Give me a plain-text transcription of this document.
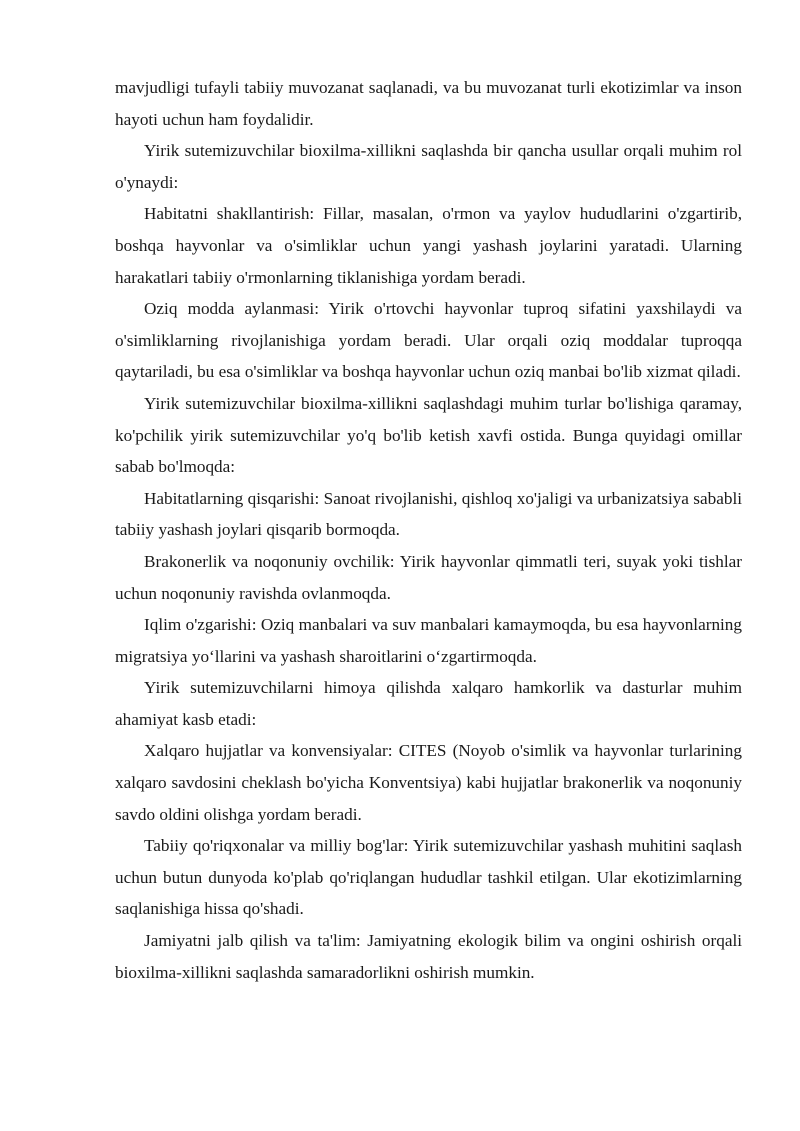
mavjudligi tufayli tabiiy muvozanat saqlanadi, va bu muvozanat turli ekotizimlar va inson hayoti uchun ham foydalidir.

Yirik sutemizuvchilar bioxilma-xillikni saqlashda bir qancha usullar orqali muhim rol o'ynaydi:

Habitatni shakllantirish: Fillar, masalan, o'rmon va yaylov hududlarini o'zgartirib, boshqa hayvonlar va o'simliklar uchun yangi yashash joylarini yaratadi. Ularning harakatlari tabiiy o'rmonlarning tiklanishiga yordam beradi.

Oziq modda aylanmasi: Yirik o'rtovchi hayvonlar tuproq sifatini yaxshilaydi va o'simliklarning rivojlanishiga yordam beradi. Ular orqali oziq moddalar tuproqqa qaytariladi, bu esa o'simliklar va boshqa hayvonlar uchun oziq manbai bo'lib xizmat qiladi.

Yirik sutemizuvchilar bioxilma-xillikni saqlashdagi muhim turlar bo'lishiga qaramay, ko'pchilik yirik sutemizuvchilar yo'q bo'lib ketish xavfi ostida. Bunga quyidagi omillar sabab bo'lmoqda:

Habitatlarning qisqarishi: Sanoat rivojlanishi, qishloq xo'jaligi va urbanizatsiya sababli tabiiy yashash joylari qisqarib bormoqda.

Brakonerlik va noqonuniy ovchilik: Yirik hayvonlar qimmatli teri, suyak yoki tishlar uchun noqonuniy ravishda ovlanmoqda.

Iqlim o'zgarishi: Oziq manbalari va suv manbalari kamaymoqda, bu esa hayvonlarning migratsiya yo‘llarini va yashash sharoitlarini o‘zgartirmoqda.

Yirik sutemizuvchilarni himoya qilishda xalqaro hamkorlik va dasturlar muhim ahamiyat kasb etadi:

Xalqaro hujjatlar va konvensiyalar: CITES (Noyob o'simlik va hayvonlar turlarining xalqaro savdosini cheklash bo'yicha Konventsiya) kabi hujjatlar brakonerlik va noqonuniy savdo oldini olishga yordam beradi.

Tabiiy qo'riqxonalar va milliy bog'lar: Yirik sutemizuvchilar yashash muhitini saqlash uchun butun dunyoda ko'plab qo'riqlangan hududlar tashkil etilgan. Ular ekotizimlarning saqlanishiga hissa qo'shadi.

Jamiyatni jalb qilish va ta'lim: Jamiyatning ekologik bilim va ongini oshirish orqali bioxilma-xillikni saqlashda samaradorlikni oshirish mumkin.
